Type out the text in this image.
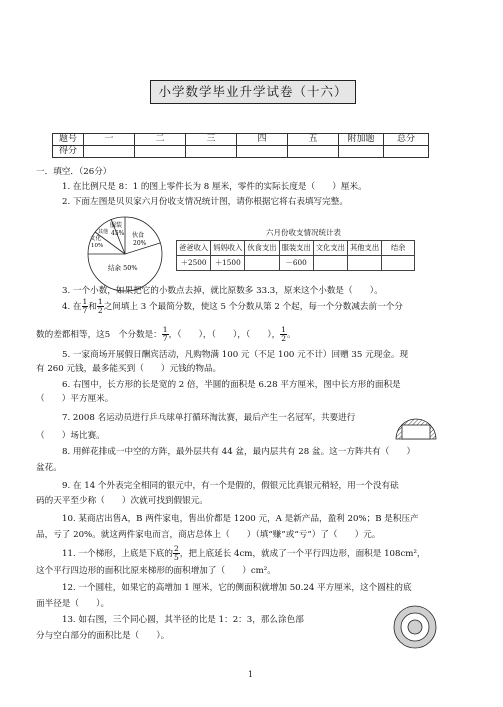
小学数学毕业升学试卷（十六）
题号	一	二	三	四	五	附加题	总分
得分							
一．填空．（26分）
1. 在比例尺是 8：1 的图上零件长为 8 厘米，零件的实际长度是（　　）厘米。
2. 下面左图是贝贝家六月份收支情况统计图，请你根据它将右表填写完整。
服装
45% 伙食
20%
文化
10%
其他
结余 50%
六月份收支情况统计表
爸爸收入	妈妈收入	伙食支出	服装支出	文化支出	其他支出	结余
＋2500	＋1500		－600			
3. 一个小数，如果把它的小数点去掉，就比原数多 33.3，原来这个小数是（　　）。
4. 在 $\frac{1}{7}$ 和 $\frac{1}{2}$ 之间填上 3 个最简分数，使这 5 个分数从第 2 个起，每一个分数减去前一个分
数的差都相等，这5　个分数是： $\frac{1}{7}$ ，（　　），（　　），（　　）， $\frac{1}{2}$ 。
5. 一家商场开展假日酬宾活动，凡购物满 100 元（不足 100 元不计）回赠 35 元现金。现
有 260 元钱，最多能买到（　　）元钱的物品。
6. 右图中，长方形的长是宽的 2 倍，半圆的面积是 6.28 平方厘米，图中长方形的面积是
（　　）平方厘米。
7. 2008 名运动员进行乒乓球单打循环淘汰赛，最后产生一名冠军，共要进行
（　　）场比赛。
8. 用鲜花排成一中空的方阵，最外层共有 44 盆，最内层共有 28 盆。这一方阵共有（　　）
盆花。
9. 在 14 个外表完全相同的银元中，有一个是假的，假银元比真银元稍轻，用一个没有砝
码的天平至少称（　　）次就可找到假银元。
10. 某商店出售A，B 两件家电，售出价都是 1200 元，A 是新产品，盈利 20%；B 是积压产
品，亏了 20%。就这两件家电而言，商店总体上（　　）（填“赚”或“亏”）了（　　）元。
11. 一个梯形，上底是下底的 $\frac{2}{5}$ ，把上底延长 4cm，就成了一个平行四边形，面积是 108cm²，
这个平行四边形的面积比原来梯形的面积增加了（　　）cm²。
12. 一个圆柱，如果它的高增加 1 厘米，它的侧面积就增加 50.24 平方厘米，这个圆柱的底
面半径是（　　）。
13. 如右图，三个同心圆，其半径的比是 1：2：3，那么涂色部
分与空白部分的面积比是（　　）。
1
